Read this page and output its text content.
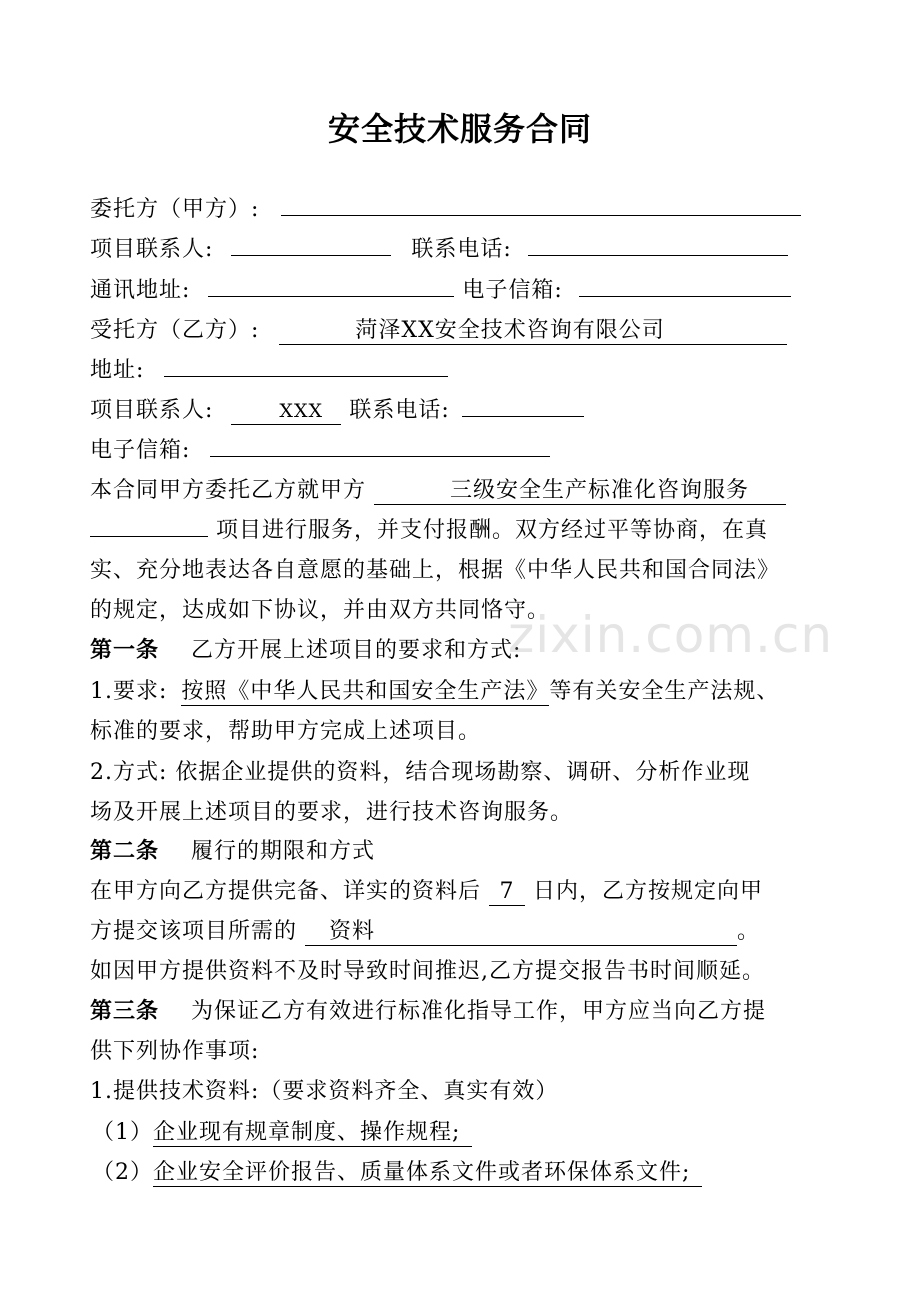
安全技术服务合同
委托方（甲方）:
项目联系人:	联系电话:
通讯地址:	电子信箱:
受托方（乙方）:	菏泽XX安全技术咨询有限公司
地址:
项目联系人:	XXX 联系电话:
电子信箱:
本合同甲方委托乙方就甲方	三级安全生产标准化咨询服务
项目进行服务，并支付报酬。双方经过平等协商，在真
实、充分地表达各自意愿的基础上，根据《中华人民共和国合同法》
的规定，达成如下协议，并由双方共同恪守。
第一条 乙方开展上述项目的要求和方式:
1.要求: 按照《中华人民共和国安全生产法》等有关安全生产法规、
标准的要求，帮助甲方完成上述项目。
2.方式: 依据企业提供的资料，结合现场勘察、调研、分析作业现
场及开展上述项目的要求，进行技术咨询服务。
第二条 履行的期限和方式
在甲方向乙方提供完备、详实的资料后 7 日内，乙方按规定向甲
方提交该项目所需的 资料	。
如因甲方提供资料不及时导致时间推迟,乙方提交报告书时间顺延。
第三条 为保证乙方有效进行标准化指导工作，甲方应当向乙方提
供下列协作事项:
1.提供技术资料:（要求资料齐全、真实有效）
（1）企业现有规章制度、操作规程;
（2）企业安全评价报告、质量体系文件或者环保体系文件;
zixin.com.cn
